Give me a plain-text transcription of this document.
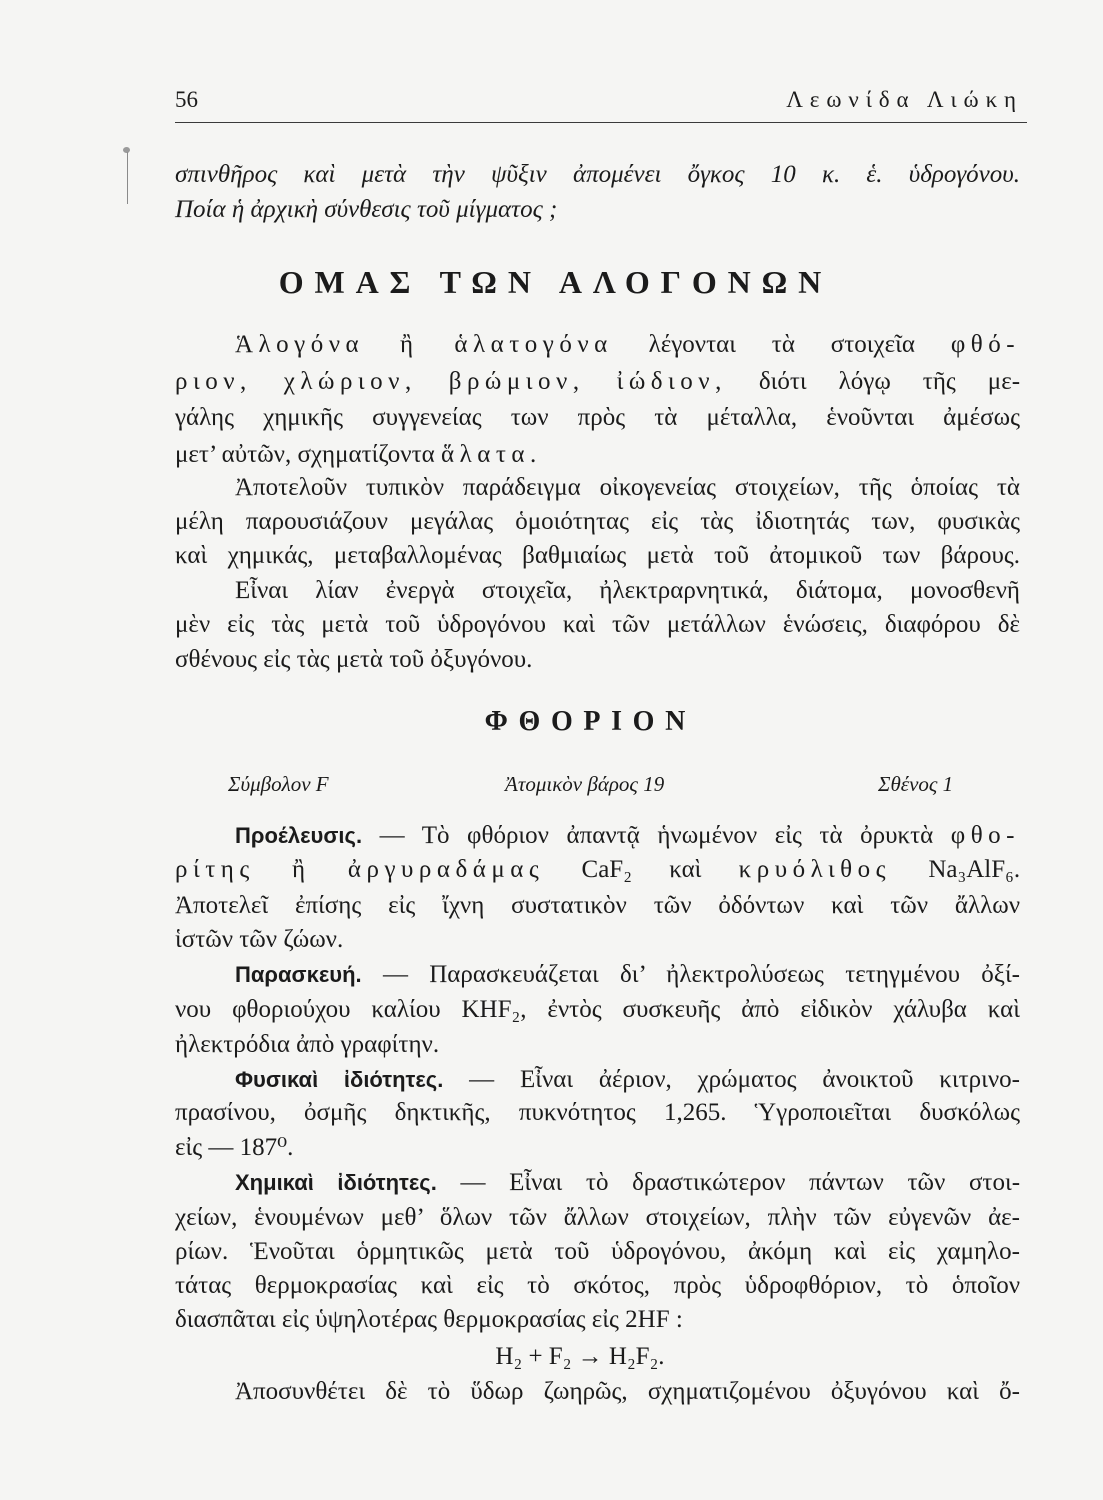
56	Λεωνίδα Λιώκη
σπινθῆρος καὶ μετὰ τὴν ψῦξιν ἀπομένει ὄγκος 10 κ. ἑ. ὑδρογόνου.
Ποία ἡ ἀρχικὴ σύνθεσις τοῦ μίγματος ;
ΟΜΑΣ ΤΩΝ ΑΛΟΓΟΝΩΝ
Ἁλογόνα ἢ ἁλατογόνα λέγονται τὰ στοιχεῖα φθό-
ριον, χλώριον, βρώμιον, ἰώδιον, διότι λόγῳ τῆς με-
γάλης χημικῆς συγγενείας των πρὸς τὰ μέταλλα, ἑνοῦνται ἀμέσως
μετ’ αὐτῶν, σχηματίζοντα ἅλατα.
Ἀποτελοῦν τυπικὸν παράδειγμα οἰκογενείας στοιχείων, τῆς ὁποίας τὰ
μέλη παρουσιάζουν μεγάλας ὁμοιότητας εἰς τὰς ἰδιοτητάς των, φυσικὰς
καὶ χημικάς, μεταβαλλομένας βαθμιαίως μετὰ τοῦ ἀτομικοῦ των βάρους.
Εἶναι λίαν ἐνεργὰ στοιχεῖα, ἠλεκτραρνητικά, διάτομα, μονοσθενῆ
μὲν εἰς τὰς μετὰ τοῦ ὑδρογόνου καὶ τῶν μετάλλων ἑνώσεις, διαφόρου δὲ
σθένους εἰς τὰς μετὰ τοῦ ὀξυγόνου.
ΦΘΟΡΙΟΝ
Σύμβολον F	Ἀτομικὸν βάρος 19	Σθένος 1
Προέλευσις. — Τὸ φθόριον ἀπαντᾷ ἡνωμένον εἰς τὰ ὀρυκτὰ φθο-
ρίτης ἢ ἀργυραδάμας CaF₂ καὶ κρυόλιθος Na₃AlF₆.
Ἀποτελεῖ ἐπίσης εἰς ἴχνη συστατικὸν τῶν ὀδόντων καὶ τῶν ἄλλων
ἱστῶν τῶν ζώων.
Παρασκευή. — Παρασκευάζεται δι’ ἠλεκτρολύσεως τετηγμένου ὀξί-
νου φθοριούχου καλίου KHF₂, ἐντὸς συσκευῆς ἀπὸ εἰδικὸν χάλυβα καὶ
ἠλεκτρόδια ἀπὸ γραφίτην.
Φυσικαὶ ἰδιότητες. — Εἶναι ἀέριον, χρώματος ἀνοικτοῦ κιτρινο-
πρασίνου, ὀσμῆς δηκτικῆς, πυκνότητος 1,265. Ὑγροποιεῖται δυσκόλως
εἰς — 187⁰.
Χημικαὶ ἰδιότητες. — Εἶναι τὸ δραστικώτερον πάντων τῶν στοι-
χείων, ἑνουμένων μεθ’ ὅλων τῶν ἄλλων στοιχείων, πλὴν τῶν εὐγενῶν ἀε-
ρίων. Ἑνοῦται ὁρμητικῶς μετὰ τοῦ ὑδρογόνου, ἀκόμη καὶ εἰς χαμηλο-
τάτας θερμοκρασίας καὶ εἰς τὸ σκότος, πρὸς ὑδροφθόριον, τὸ ὁποῖον
διασπᾶται εἰς ὑψηλοτέρας θερμοκρασίας εἰς 2HF :
H₂ + F₂ → H₂F₂.
Ἀποσυνθέτει δὲ τὸ ὕδωρ ζωηρῶς, σχηματιζομένου ὀξυγόνου καὶ ὄ-
